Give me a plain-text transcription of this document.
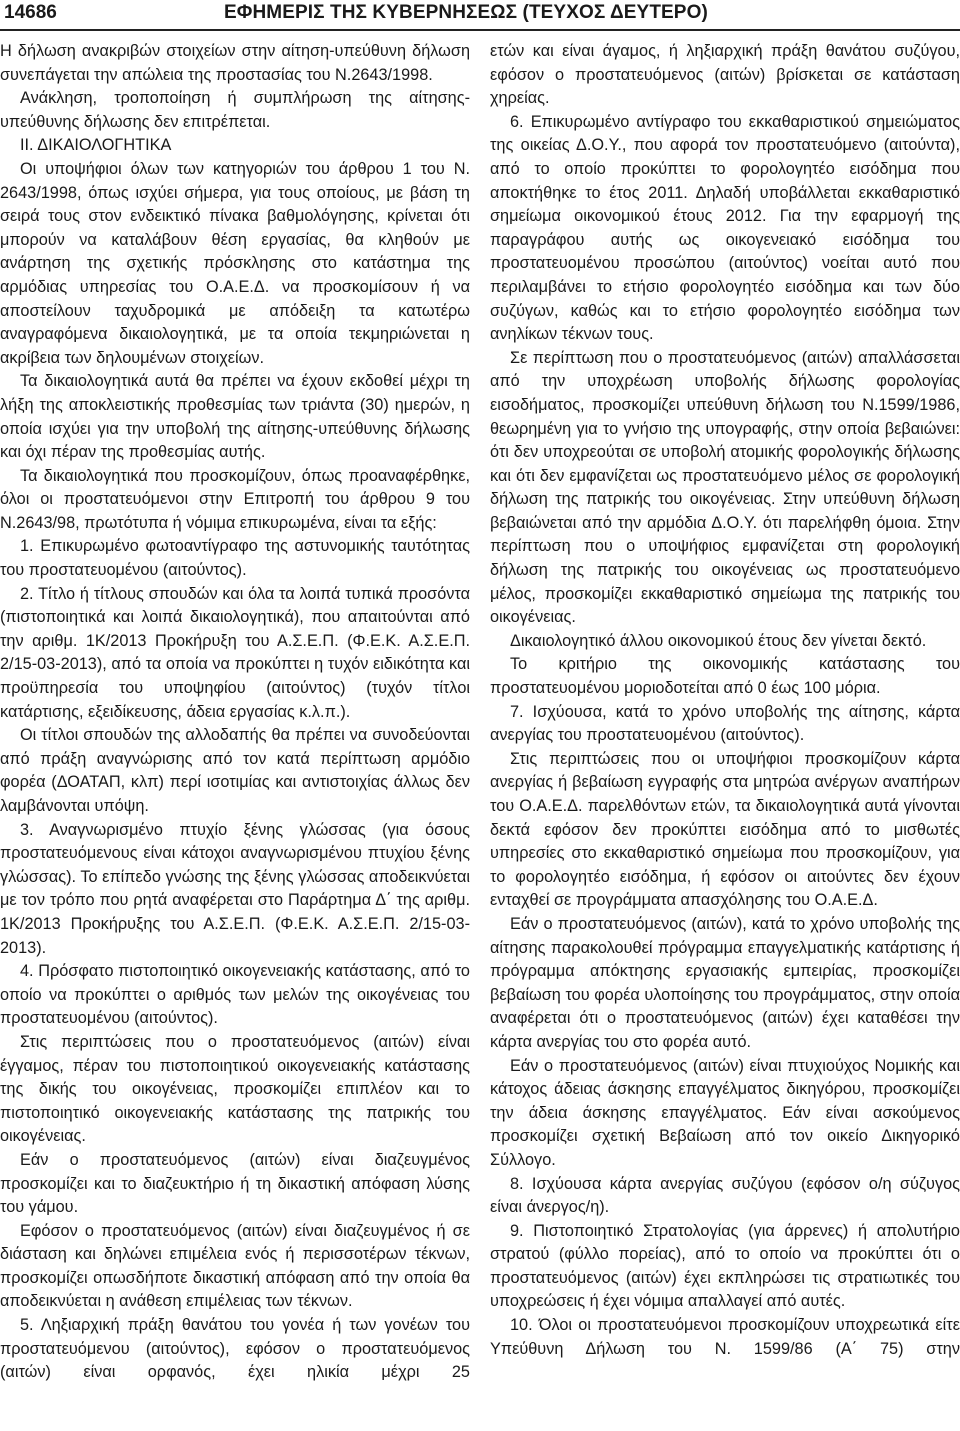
14686	ΕΦΗΜΕΡΙΣ ΤΗΣ ΚΥΒΕΡΝΗΣΕΩΣ (ΤΕΥΧΟΣ ΔΕΥΤΕΡΟ)

Η δήλωση ανακριβών στοιχείων στην αίτηση-υπεύθυνη δήλωση συνεπάγεται την απώλεια της προστασίας του Ν.2643/1998.

Ανάκληση, τροποποίηση ή συμπλήρωση της αίτησης-υπεύθυνης δήλωσης δεν επιτρέπεται.

ΙΙ. ΔΙΚΑΙΟΛΟΓΗΤΙΚΑ

Οι υποψήφιοι όλων των κατηγοριών του άρθρου 1 του Ν. 2643/1998, όπως ισχύει σήμερα, για τους οποίους, με βάση τη σειρά τους στον ενδεικτικό πίνακα βαθμολόγησης, κρίνεται ότι μπορούν να καταλάβουν θέση εργασίας, θα κληθούν με ανάρτηση της σχετικής πρόσκλησης στο κατάστημα της αρμόδιας υπηρεσίας του Ο.Α.Ε.Δ. να προσκομίσουν ή να αποστείλουν ταχυδρομικά με απόδειξη τα κατωτέρω αναγραφόμενα δικαιολογητικά, με τα οποία τεκμηριώνεται η ακρίβεια των δηλουμένων στοιχείων.

Τα δικαιολογητικά αυτά θα πρέπει να έχουν εκδοθεί μέχρι τη λήξη της αποκλειστικής προθεσμίας των τριάντα (30) ημερών, η οποία ισχύει για την υποβολή της αίτησης-υπεύθυνης δήλωσης και όχι πέραν της προθεσμίας αυτής.

Τα δικαιολογητικά που προσκομίζουν, όπως προαναφέρθηκε, όλοι οι προστατευόμενοι στην Επιτροπή του άρθρου 9 του Ν.2643/98, πρωτότυπα ή νόμιμα επικυρωμένα, είναι τα εξής:

1. Επικυρωμένο φωτοαντίγραφο της αστυνομικής ταυτότητας του προστατευομένου (αιτούντος).

2. Τίτλο ή τίτλους σπουδών και όλα τα λοιπά τυπικά προσόντα (πιστοποιητικά και λοιπά δικαιολογητικά), που απαιτούνται από την αριθμ. 1Κ/2013 Προκήρυξη του Α.Σ.Ε.Π. (Φ.Ε.Κ. Α.Σ.Ε.Π. 2/15-03-2013), από τα οποία να προκύπτει η τυχόν ειδικότητα και προϋπηρεσία του υποψηφίου (αιτούντος) (τυχόν τίτλοι κατάρτισης, εξειδίκευσης, άδεια εργασίας κ.λ.π.).

Οι τίτλοι σπουδών της αλλοδαπής θα πρέπει να συνοδεύονται από πράξη αναγνώρισης από τον κατά περίπτωση αρμόδιο φορέα (ΔΟΑΤΑΠ, κλπ) περί ισοτιμίας και αντιστοιχίας άλλως δεν λαμβάνονται υπόψη.

3. Αναγνωρισμένο πτυχίο ξένης γλώσσας (για όσους προστατευόμενους είναι κάτοχοι αναγνωρισμένου πτυχίου ξένης γλώσσας). Το επίπεδο γνώσης της ξένης γλώσσας αποδεικνύεται με τον τρόπο που ρητά αναφέρεται στο Παράρτημα Δ΄ της αριθμ. 1Κ/2013 Προκήρυξης του Α.Σ.Ε.Π. (Φ.Ε.Κ. Α.Σ.Ε.Π. 2/15-03-2013).

4. Πρόσφατο πιστοποιητικό οικογενειακής κατάστασης, από το οποίο να προκύπτει ο αριθμός των μελών της οικογένειας του προστατευομένου (αιτούντος).

Στις περιπτώσεις που ο προστατευόμενος (αιτών) είναι έγγαμος, πέραν του πιστοποιητικού οικογενειακής κατάστασης της δικής του οικογένειας, προσκομίζει επιπλέον και το πιστοποιητικό οικογενειακής κατάστασης της πατρικής του οικογένειας.

Εάν ο προστατευόμενος (αιτών) είναι διαζευγμένος προσκομίζει και το διαζευκτήριο ή τη δικαστική απόφαση λύσης του γάμου.

Εφόσον ο προστατευόμενος (αιτών) είναι διαζευγμένος ή σε διάσταση και δηλώνει επιμέλεια ενός ή περισσοτέρων τέκνων, προσκομίζει οπωσδήποτε δικαστική απόφαση από την οποία θα αποδεικνύεται η ανάθεση επιμέλειας των τέκνων.

5. Ληξιαρχική πράξη θανάτου του γονέα ή των γονέων του προστατευόμενου (αιτούντος), εφόσον ο προστατευόμενος (αιτών) είναι ορφανός, έχει ηλικία μέχρι 25

ετών και είναι άγαμος, ή ληξιαρχική πράξη θανάτου συζύγου, εφόσον ο προστατευόμενος (αιτών) βρίσκεται σε κατάσταση χηρείας.

6. Επικυρωμένο αντίγραφο του εκκαθαριστικού σημειώματος της οικείας Δ.Ο.Υ., που αφορά τον προστατευόμενο (αιτούντα), από το οποίο προκύπτει το φορολογητέο εισόδημα που αποκτήθηκε το έτος 2011. Δηλαδή υποβάλλεται εκκαθαριστικό σημείωμα οικονομικού έτους 2012. Για την εφαρμογή της παραγράφου αυτής ως οικογενειακό εισόδημα του προστατευομένου προσώπου (αιτούντος) νοείται αυτό που περιλαμβάνει το ετήσιο φορολογητέο εισόδημα και των δύο συζύγων, καθώς και το ετήσιο φορολογητέο εισόδημα των ανηλίκων τέκνων τους.

Σε περίπτωση που ο προστατευόμενος (αιτών) απαλλάσσεται από την υποχρέωση υποβολής δήλωσης φορολογίας εισοδήματος, προσκομίζει υπεύθυνη δήλωση του Ν.1599/1986, θεωρημένη για το γνήσιο της υπογραφής, στην οποία βεβαιώνει: ότι δεν υποχρεούται σε υποβολή ατομικής φορολογικής δήλωσης και ότι δεν εμφανίζεται ως προστατευόμενο μέλος σε φορολογική δήλωση της πατρικής του οικογένειας. Στην υπεύθυνη δήλωση βεβαιώνεται από την αρμόδια Δ.Ο.Υ. ότι παρελήφθη όμοια. Στην περίπτωση που ο υποψήφιος εμφανίζεται στη φορολογική δήλωση της πατρικής του οικογένειας ως προστατευόμενο μέλος, προσκομίζει εκκαθαριστικό σημείωμα της πατρικής του οικογένειας.

Δικαιολογητικό άλλου οικονομικού έτους δεν γίνεται δεκτό.

Το κριτήριο της οικονομικής κατάστασης του προστατευομένου μοριοδοτείται από 0 έως 100 μόρια.

7. Ισχύουσα, κατά το χρόνο υποβολής της αίτησης, κάρτα ανεργίας του προστατευομένου (αιτούντος).

Στις περιπτώσεις που οι υποψήφιοι προσκομίζουν κάρτα ανεργίας ή βεβαίωση εγγραφής στα μητρώα ανέργων αναπήρων του Ο.Α.Ε.Δ. παρελθόντων ετών, τα δικαιολογητικά αυτά γίνονται δεκτά εφόσον δεν προκύπτει εισόδημα από το μισθωτές υπηρεσίες στο εκκαθαριστικό σημείωμα που προσκομίζουν, για το φορολογητέο εισόδημα, ή εφόσον οι αιτούντες δεν έχουν ενταχθεί σε προγράμματα απασχόλησης του Ο.Α.Ε.Δ.

Εάν ο προστατευόμενος (αιτών), κατά το χρόνο υποβολής της αίτησης παρακολουθεί πρόγραμμα επαγγελματικής κατάρτισης ή πρόγραμμα απόκτησης εργασιακής εμπειρίας, προσκομίζει βεβαίωση του φορέα υλοποίησης του προγράμματος, στην οποία αναφέρεται ότι ο προστατευόμενος (αιτών) έχει καταθέσει την κάρτα ανεργίας του στο φορέα αυτό.

Εάν ο προστατευόμενος (αιτών) είναι πτυχιούχος Νομικής και κάτοχος άδειας άσκησης επαγγέλματος δικηγόρου, προσκομίζει την άδεια άσκησης επαγγέλματος. Εάν είναι ασκούμενος προσκομίζει σχετική Βεβαίωση από τον οικείο Δικηγορικό Σύλλογο.

8. Ισχύουσα κάρτα ανεργίας συζύγου (εφόσον ο/η σύζυγος είναι άνεργος/η).

9. Πιστοποιητικό Στρατολογίας (για άρρενες) ή απολυτήριο στρατού (φύλλο πορείας), από το οποίο να προκύπτει ότι ο προστατευόμενος (αιτών) έχει εκπληρώσει τις στρατιωτικές του υποχρεώσεις ή έχει νόμιμα απαλλαγεί από αυτές.

10. Όλοι οι προστατευόμενοι προσκομίζουν υποχρεωτικά είτε Υπεύθυνη Δήλωση του Ν. 1599/86 (Α΄ 75) στην
